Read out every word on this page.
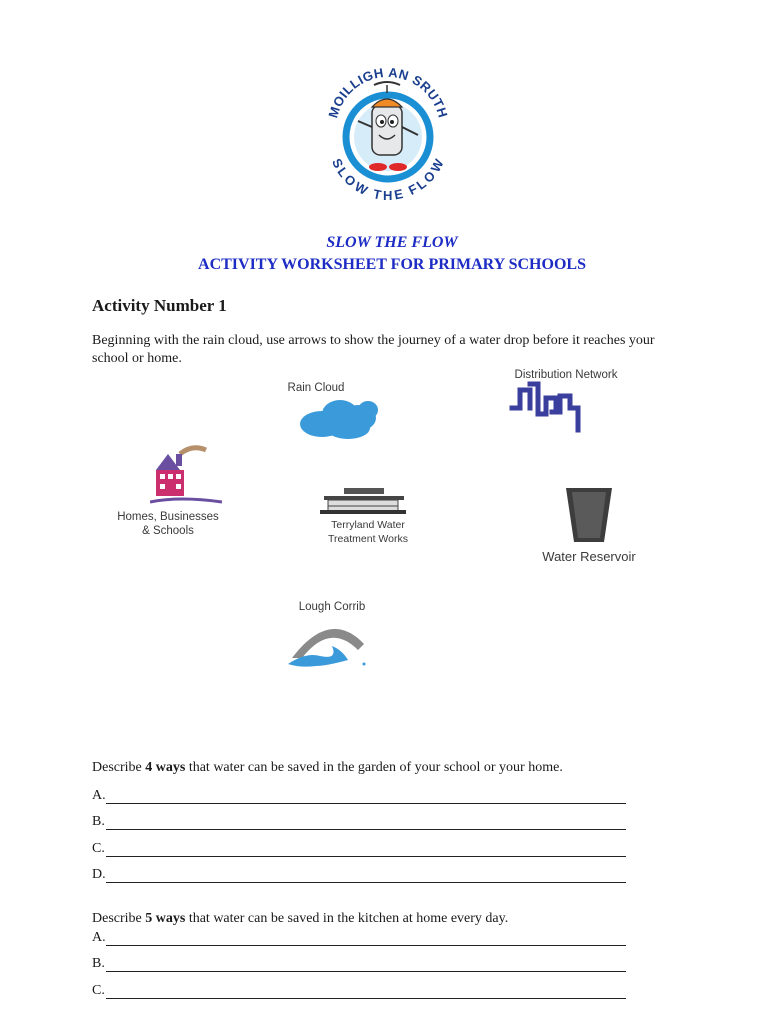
MOILLIGH AN SRUTH
SLOW THE FLOW
SLOW THE FLOW
ACTIVITY WORKSHEET FOR PRIMARY SCHOOLS
Activity Number 1
Beginning with the rain cloud, use arrows to show the journey of a water drop before it reaches your school or home.
Rain Cloud
Distribution Network
Homes, Businesses
& Schools	Terryland Water
Treatment Works
Water Reservoir
Lough Corrib
Describe 4 ways that water can be saved in the garden of your school or your home.
A.
B.
C.
D.
Describe 5 ways that water can be saved in the kitchen at home every day.
A.
B.
C.
